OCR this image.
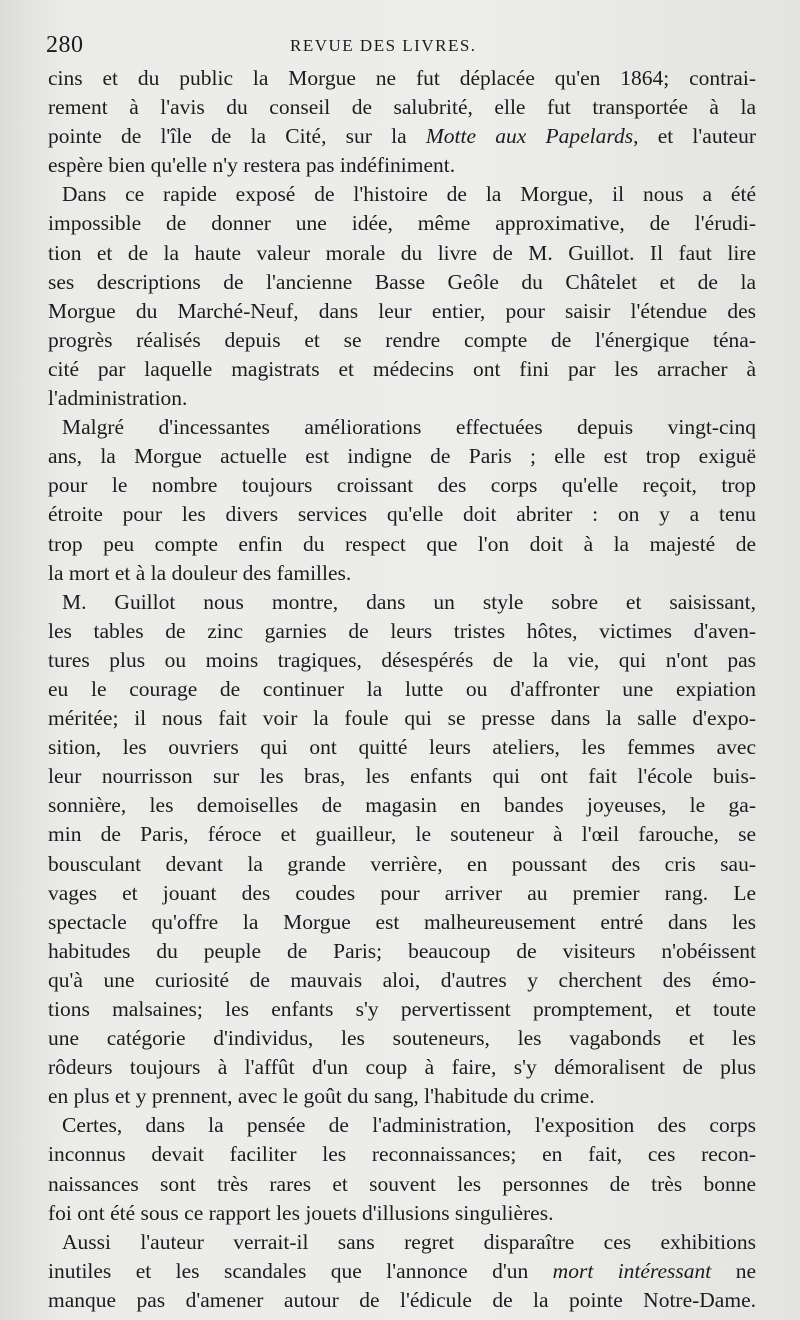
280	REVUE DES LIVRES.
cins et du public la Morgue ne fut déplacée qu'en 1864; contrai-
rement à l'avis du conseil de salubrité, elle fut transportée à la
pointe de l'île de la Cité, sur la Motte aux Papelards, et l'auteur
espère bien qu'elle n'y restera pas indéfiniment.
Dans ce rapide exposé de l'histoire de la Morgue, il nous a été
impossible de donner une idée, même approximative, de l'érudi-
tion et de la haute valeur morale du livre de M. Guillot. Il faut lire
ses descriptions de l'ancienne Basse Geôle du Châtelet et de la
Morgue du Marché-Neuf, dans leur entier, pour saisir l'étendue des
progrès réalisés depuis et se rendre compte de l'énergique téna-
cité par laquelle magistrats et médecins ont fini par les arracher à
l'administration.
Malgré d'incessantes améliorations effectuées depuis vingt-cinq
ans, la Morgue actuelle est indigne de Paris ; elle est trop exiguë
pour le nombre toujours croissant des corps qu'elle reçoit, trop
étroite pour les divers services qu'elle doit abriter : on y a tenu
trop peu compte enfin du respect que l'on doit à la majesté de
la mort et à la douleur des familles.
M. Guillot nous montre, dans un style sobre et saisissant,
les tables de zinc garnies de leurs tristes hôtes, victimes d'aven-
tures plus ou moins tragiques, désespérés de la vie, qui n'ont pas
eu le courage de continuer la lutte ou d'affronter une expiation
méritée; il nous fait voir la foule qui se presse dans la salle d'expo-
sition, les ouvriers qui ont quitté leurs ateliers, les femmes avec
leur nourrisson sur les bras, les enfants qui ont fait l'école buis-
sonnière, les demoiselles de magasin en bandes joyeuses, le ga-
min de Paris, féroce et guailleur, le souteneur à l'œil farouche, se
bousculant devant la grande verrière, en poussant des cris sau-
vages et jouant des coudes pour arriver au premier rang. Le
spectacle qu'offre la Morgue est malheureusement entré dans les
habitudes du peuple de Paris; beaucoup de visiteurs n'obéissent
qu'à une curiosité de mauvais aloi, d'autres y cherchent des émo-
tions malsaines; les enfants s'y pervertissent promptement, et toute
une catégorie d'individus, les souteneurs, les vagabonds et les
rôdeurs toujours à l'affût d'un coup à faire, s'y démoralisent de plus
en plus et y prennent, avec le goût du sang, l'habitude du crime.
Certes, dans la pensée de l'administration, l'exposition des corps
inconnus devait faciliter les reconnaissances; en fait, ces recon-
naissances sont très rares et souvent les personnes de très bonne
foi ont été sous ce rapport les jouets d'illusions singulières.
Aussi l'auteur verrait-il sans regret disparaître ces exhibitions
inutiles et les scandales que l'annonce d'un mort intéressant ne
manque pas d'amener autour de l'édicule de la pointe Notre-Dame.
